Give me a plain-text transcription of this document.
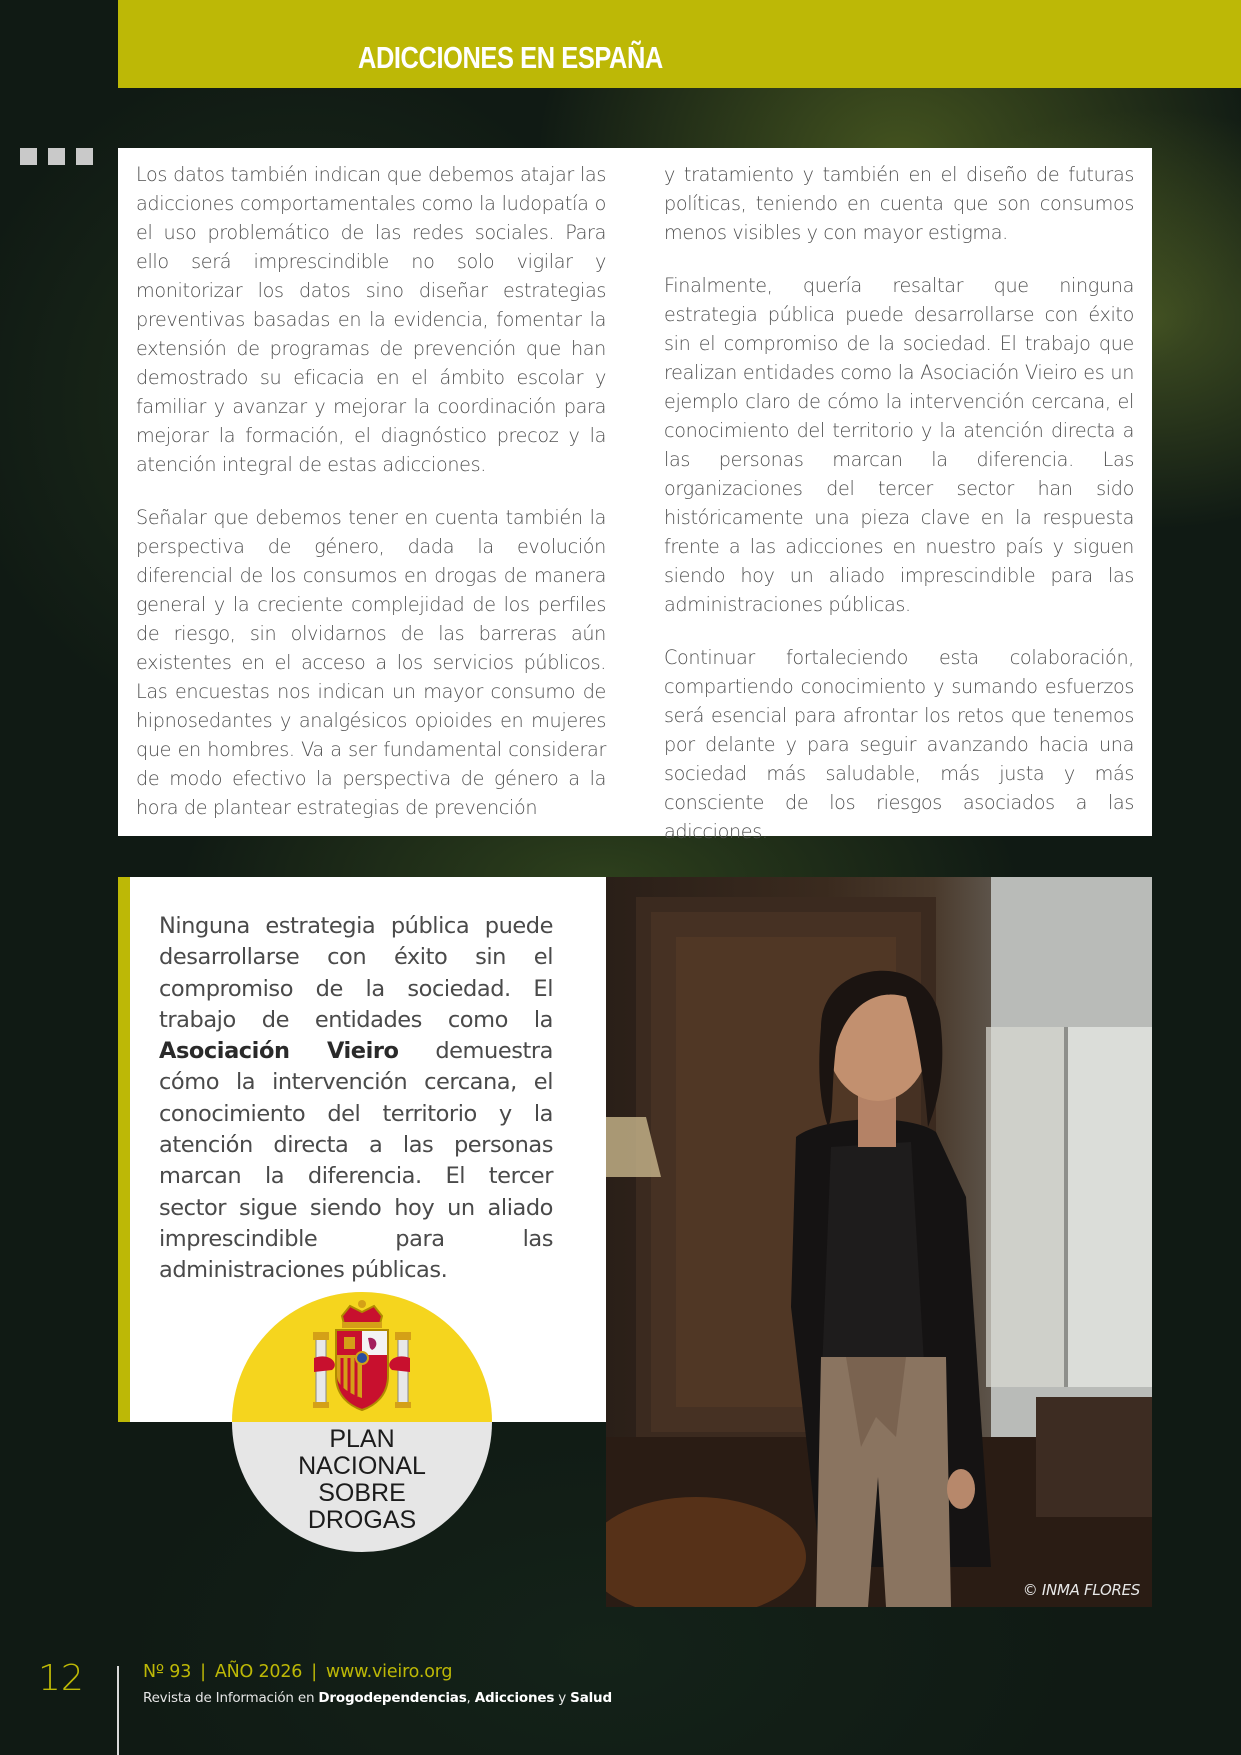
ADICCIONES EN ESPAÑA

Los datos también indican que debemos atajar las adicciones comportamentales como la ludopatía o el uso problemático de las redes sociales. Para ello será imprescindible no solo vigilar y monitorizar los datos sino diseñar estrategias preventivas basadas en la evidencia, fomentar la extensión de programas de prevención que han demostrado su eficacia en el ámbito escolar y familiar y avanzar y mejorar la coordinación para mejorar la formación, el diagnóstico precoz y la atención integral de estas adicciones.

Señalar que debemos tener en cuenta también la perspectiva de género, dada la evolución diferencial de los consumos en drogas de manera general y la creciente complejidad de los perfiles de riesgo, sin olvidarnos de las barreras aún existentes en el acceso a los servicios públicos. Las encuestas nos indican un mayor consumo de hipnosedantes y analgésicos opioides en mujeres que en hombres. Va a ser fundamental considerar de modo efectivo la perspectiva de género a la hora de plantear estrategias de prevención

y tratamiento y también en el diseño de futuras políticas, teniendo en cuenta que son consumos menos visibles y con mayor estigma.

Finalmente, quería resaltar que ninguna estrategia pública puede desarrollarse con éxito sin el compromiso de la sociedad. El trabajo que realizan entidades como la Asociación Vieiro es un ejemplo claro de cómo la intervención cercana, el conocimiento del territorio y la atención directa a las personas marcan la diferencia. Las organizaciones del tercer sector han sido históricamente una pieza clave en la respuesta frente a las adicciones en nuestro país y siguen siendo hoy un aliado imprescindible para las administraciones públicas.

Continuar fortaleciendo esta colaboración, compartiendo conocimiento y sumando esfuerzos será esencial para afrontar los retos que tenemos por delante y para seguir avanzando hacia una sociedad más saludable, más justa y más consciente de los riesgos asociados a las adicciones.

Ninguna estrategia pública puede desarrollarse con éxito sin el compromiso de la sociedad. El trabajo de entidades como la Asociación Vieiro demuestra cómo la intervención cercana, el conocimiento del territorio y la atención directa a las personas marcan la diferencia. El tercer sector sigue siendo hoy un aliado imprescindible para las administraciones públicas.
© INMA FLORES
PLAN
NACIONAL
SOBRE
DROGAS
12	Nº 93 | AÑO 2026 | www.vieiro.org
Revista de Información en Drogodependencias, Adicciones y Salud
